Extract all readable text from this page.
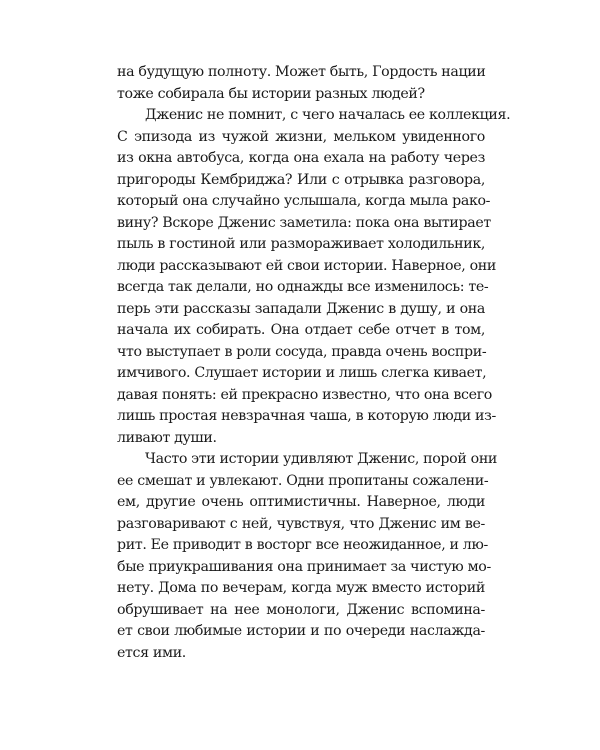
на будущую полноту. Может быть, Гордость нации
тоже собирала бы истории разных людей?
Дженис не помнит, с чего началась ее коллекция.
С эпизода из чужой жизни, мельком увиденного
из окна автобуса, когда она ехала на работу через
пригороды Кембриджа? Или с отрывка разговора,
который она случайно услышала, когда мыла рако-
вину? Вскоре Дженис заметила: пока она вытирает
пыль в гостиной или размораживает холодильник,
люди рассказывают ей свои истории. Наверное, они
всегда так делали, но однажды все изменилось: те-
перь эти рассказы западали Дженис в душу, и она
начала их собирать. Она отдает себе отчет в том,
что выступает в роли сосуда, правда очень воспри-
имчивого. Слушает истории и лишь слегка кивает,
давая понять: ей прекрасно известно, что она всего
лишь простая невзрачная чаша, в которую люди из-
ливают души.
Часто эти истории удивляют Дженис, порой они
ее смешат и увлекают. Одни пропитаны сожалени-
ем, другие очень оптимистичны. Наверное, люди
разговаривают с ней, чувствуя, что Дженис им ве-
рит. Ее приводит в восторг все неожиданное, и лю-
бые приукрашивания она принимает за чистую мо-
нету. Дома по вечерам, когда муж вместо историй
обрушивает на нее монологи, Дженис вспомина-
ет свои любимые истории и по очереди наслажда-
ется ими.
